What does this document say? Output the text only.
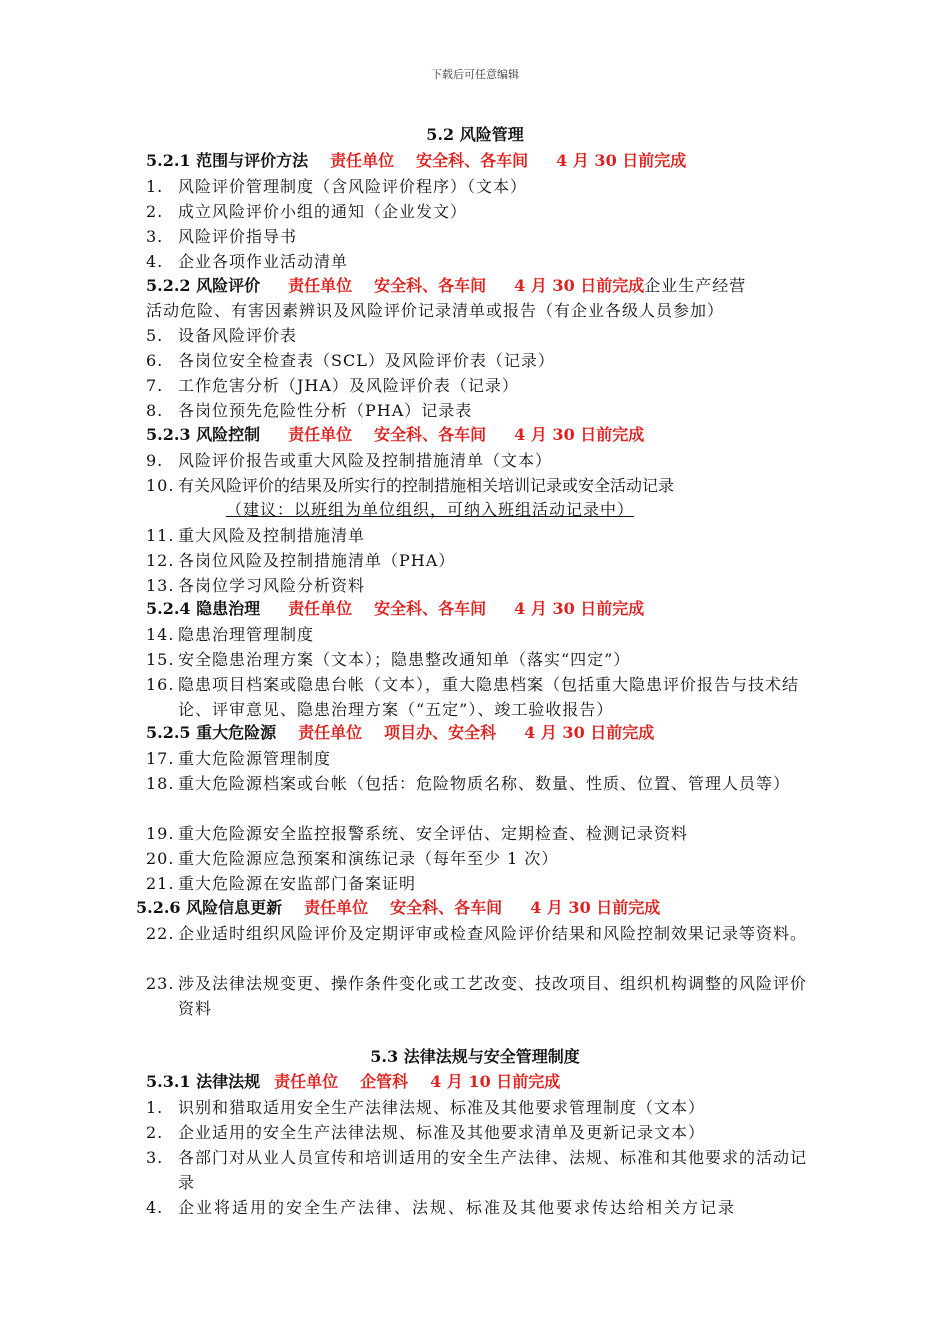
下载后可任意编辑
5.2 风险管理
5.2.1 范围与评价方法 责任单位 安全科、各车间 4 月 30 日前完成
1. 风险评价管理制度（含风险评价程序）（文本）
2. 成立风险评价小组的通知（企业发文）
3. 风险评价指导书
4. 企业各项作业活动清单
5.2.2 风险评价 责任单位 安全科、各车间 4 月 30 日前完成企业生产经营
活动危险、有害因素辨识及风险评价记录清单或报告（有企业各级人员参加）
5. 设备风险评价表
6. 各岗位安全检查表（SCL）及风险评价表（记录）
7. 工作危害分析（JHA）及风险评价表（记录）
8. 各岗位预先危险性分析（PHA）记录表
5.2.3 风险控制 责任单位 安全科、各车间 4 月 30 日前完成
9. 风险评价报告或重大风险及控制措施清单（文本）
10. 有关风险评价的结果及所实行的控制措施相关培训记录或安全活动记录
（建议：以班组为单位组织，可纳入班组活动记录中）
11. 重大风险及控制措施清单
12. 各岗位风险及控制措施清单（PHA）
13. 各岗位学习风险分析资料
5.2.4 隐患治理 责任单位 安全科、各车间 4 月 30 日前完成
14. 隐患治理管理制度
15. 安全隐患治理方案（文本）；隐患整改通知单（落实“四定”）
16. 隐患项目档案或隐患台帐（文本），重大隐患档案（包括重大隐患评价报告与技术结论、评审意见、隐患治理方案（“五定”）、竣工验收报告）
5.2.5 重大危险源 责任单位 项目办、安全科 4 月 30 日前完成
17. 重大危险源管理制度
18. 重大危险源档案或台帐（包括：危险物质名称、数量、性质、位置、管理人员等）
19. 重大危险源安全监控报警系统、安全评估、定期检查、检测记录资料
20. 重大危险源应急预案和演练记录（每年至少 1 次）
21. 重大危险源在安监部门备案证明
5.2.6 风险信息更新 责任单位 安全科、各车间 4 月 30 日前完成
22. 企业适时组织风险评价及定期评审或检查风险评价结果和风险控制效果记录等资料。
23. 涉及法律法规变更、操作条件变化或工艺改变、技改项目、组织机构调整的风险评价资料
5.3 法律法规与安全管理制度
5.3.1 法律法规 责任单位 企管科 4 月 10 日前完成
1. 识别和猎取适用安全生产法律法规、标准及其他要求管理制度（文本）
2. 企业适用的安全生产法律法规、标准及其他要求清单及更新记录文本）
3. 各部门对从业人员宣传和培训适用的安全生产法律、法规、标准和其他要求的活动记录
4. 企业将适用的安全生产法律、法规、标准及其他要求传达给相关方记录
